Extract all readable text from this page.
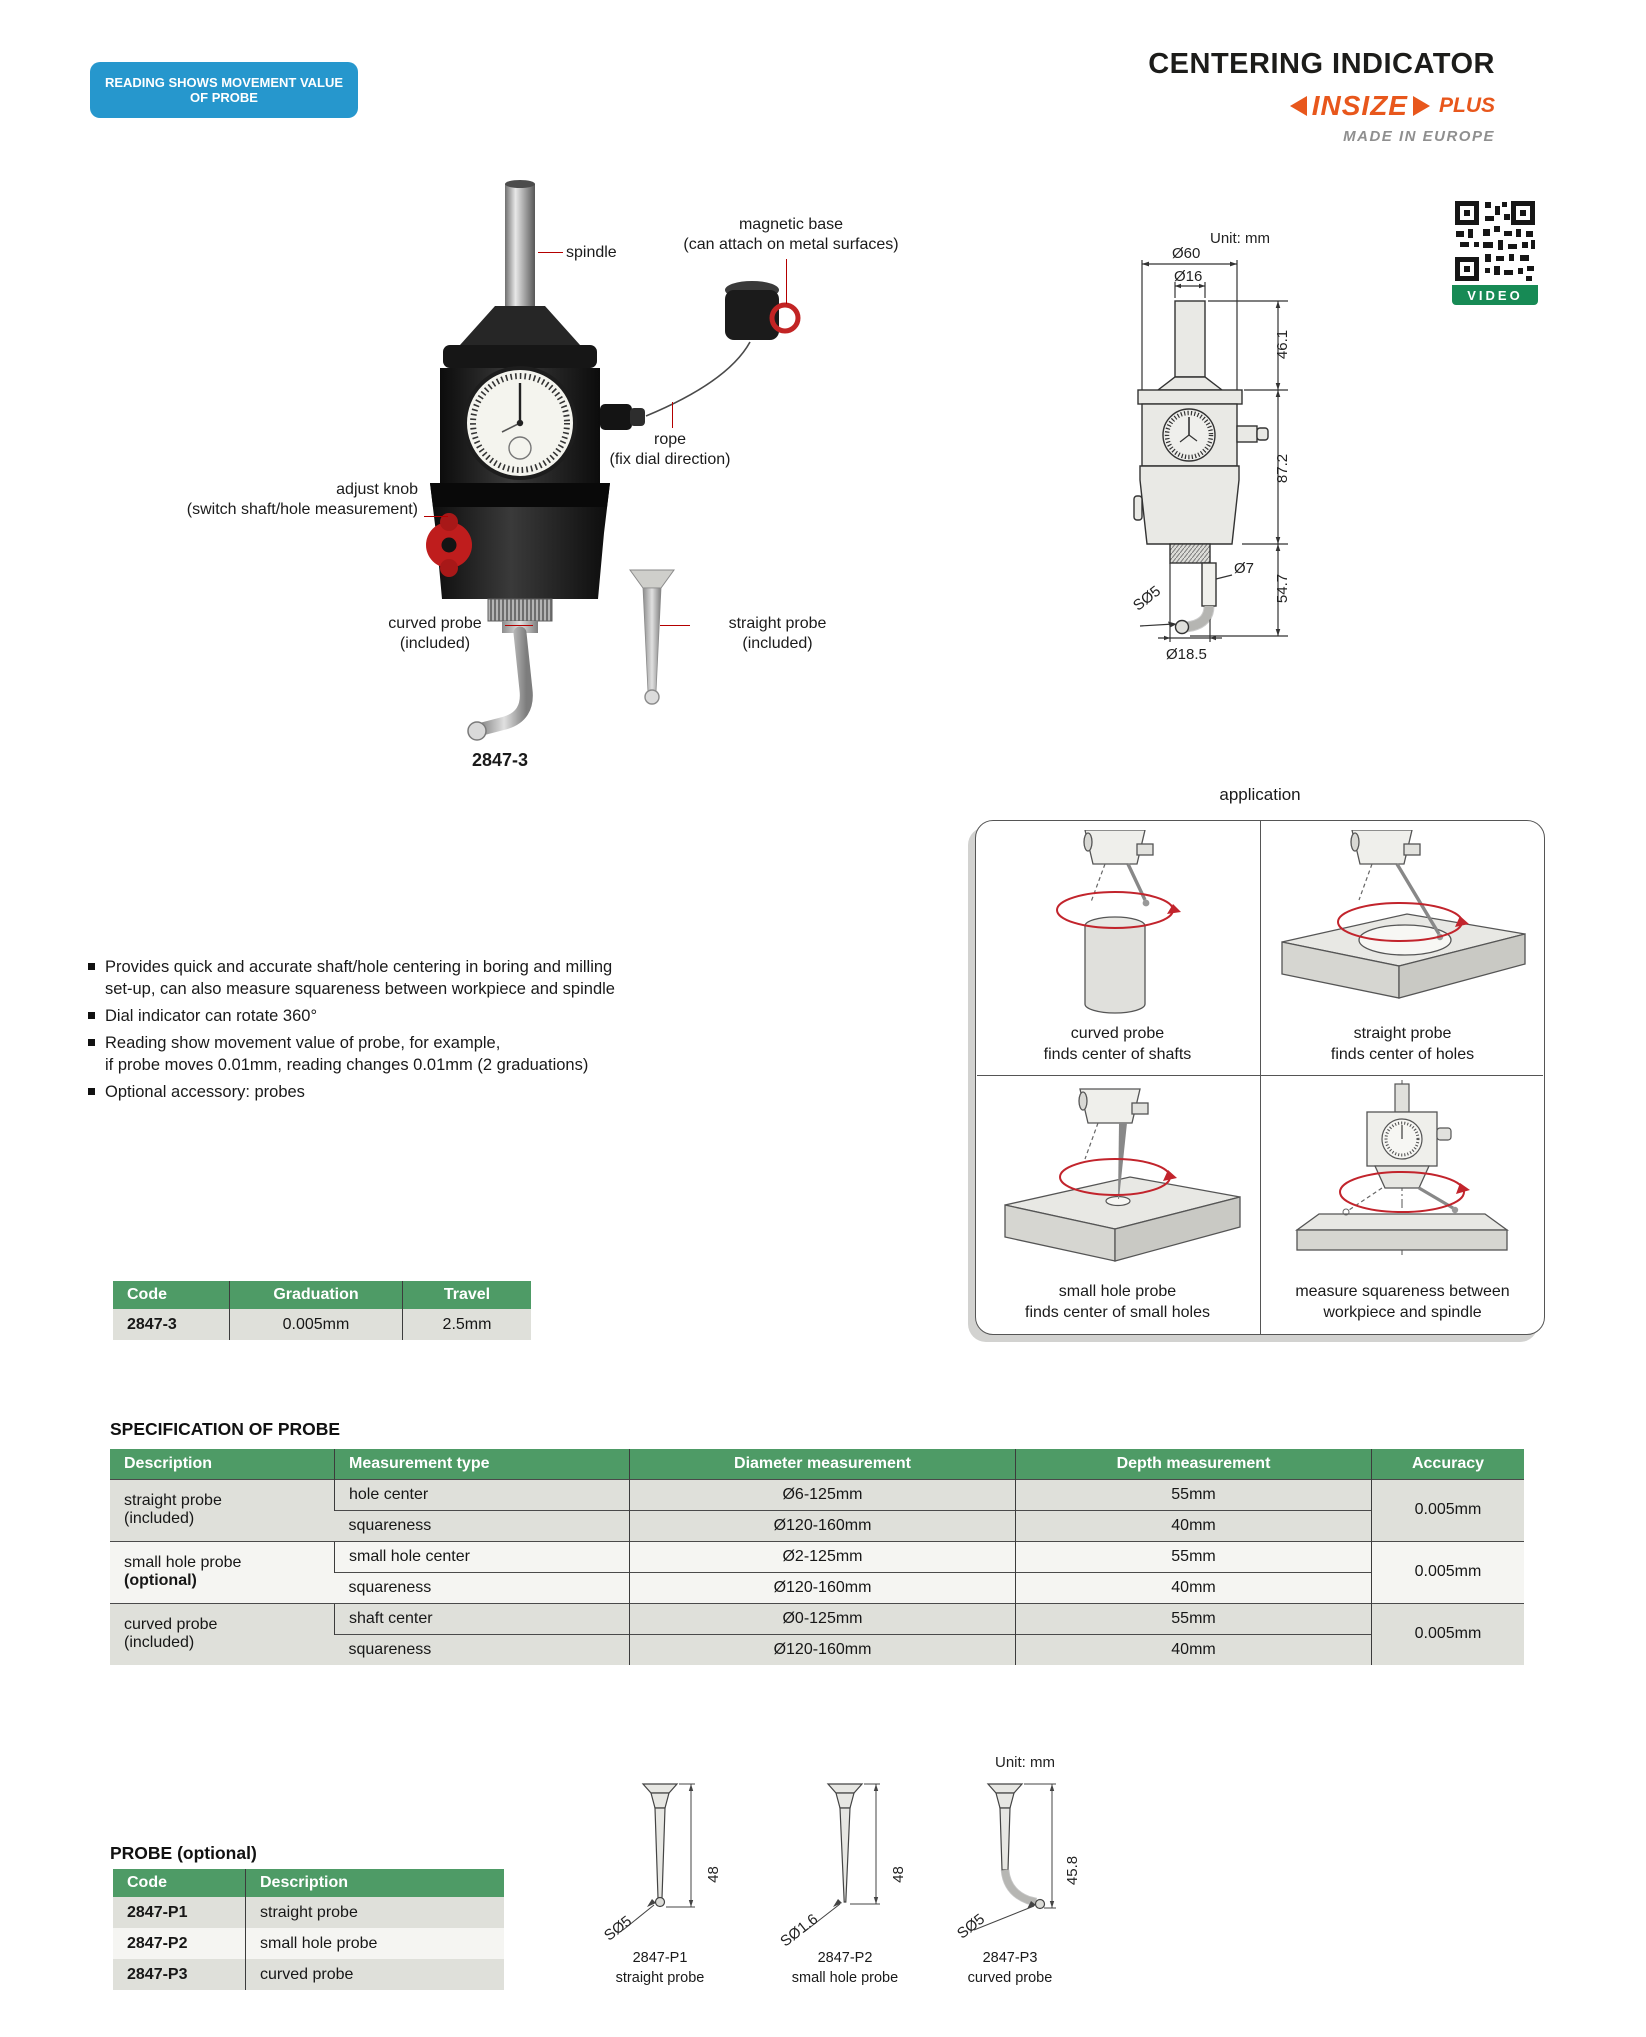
READING SHOWS MOVEMENT VALUE OF PROBE
CENTERING INDICATOR
INSIZE PLUS
MADE IN EUROPE
VIDEO
spindle
magnetic base
(can attach on metal surfaces)
rope
(fix dial direction)
adjust knob
(switch shaft/hole measurement)
curved probe
(included)
straight probe
(included)
2847-3
Unit: mm
Ø60
Ø16
46.1
87.2
54.7
Ø7
SØ5
Ø18.5
Provides quick and accurate shaft/hole centering in boring and milling
set-up, can also measure squareness between workpiece and spindle
Dial indicator can rotate 360°
Reading show movement value of probe, for example,
if probe moves 0.01mm, reading changes 0.01mm (2 graduations)
Optional accessory: probes
application
curved probe
finds center of shafts
straight probe
finds center of holes
small hole probe
finds center of small holes
measure squareness between
workpiece and spindle
Code	Graduation	Travel
2847-3	0.005mm	2.5mm
SPECIFICATION OF PROBE
Description	Measurement type	Diameter measurement	Depth measurement	Accuracy
straight probe
(included)	hole center	Ø6-125mm	55mm	0.005mm
	squareness	Ø120-160mm	40mm	
small hole probe
(optional)	small hole center	Ø2-125mm	55mm	0.005mm
	squareness	Ø120-160mm	40mm	
curved probe
(included)	shaft center	Ø0-125mm	55mm	0.005mm
	squareness	Ø120-160mm	40mm	
PROBE (optional)
Code	Description
2847-P1	straight probe
2847-P2	small hole probe
2847-P3	curved probe
Unit: mm
48
SØ5
48
SØ1.6
45.8
SØ5
2847-P1
straight probe
2847-P2
small hole probe
2847-P3
curved probe
